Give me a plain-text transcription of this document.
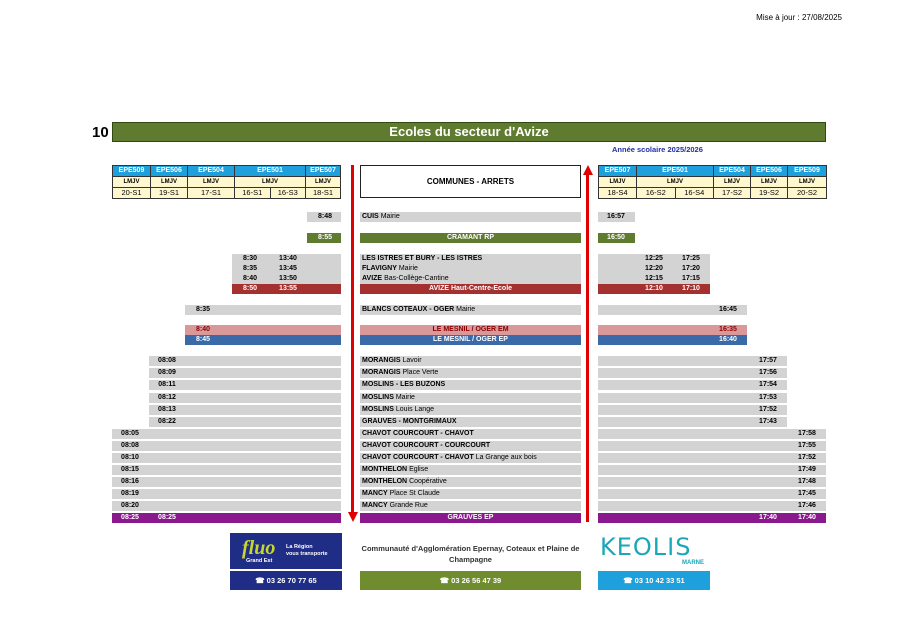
Mise à jour : 27/08/2025
10	Ecoles du secteur d'Avize
Année scolaire 2025/2026
EPE509	EPE506	EPE504	EPE501		EPE507
LMJV	LMJV	LMJV	LMJV		LMJV
20-S1	19-S1	17-S1	16-S1	16-S3	18-S1
COMMUNES - ARRETS
EPE507	EPE501		EPE504	EPE506	EPE509
LMJV	LMJV		LMJV	LMJV	LMJV
18-S4	16-S2	16-S4	17-S2	19-S2	20-S2
8:48	CUIS Mairie	16:57
8:55	CRAMANT RP	16:50
8:30	13:40	LES ISTRES ET BURY - LES ISTRES	12:25	17:25
8:35	13:45	FLAVIGNY Mairie	12:20	17:20
8:40	13:50	AVIZE Bas-Collège-Cantine	12:15	17:15
8:50	13:55	AVIZE Haut-Centre-Ecole	12:10	17:10
8:35	BLANCS COTEAUX - OGER Mairie	16:45
8:40	LE MESNIL / OGER EM	16:35
8:45	LE MESNIL / OGER EP	16:40
08:08	MORANGIS Lavoir	17:57
08:09	MORANGIS Place Verte	17:56
08:11	MOSLINS - LES BUZONS	17:54
08:12	MOSLINS Mairie	17:53
08:13	MOSLINS Louis Lange	17:52
08:22	GRAUVES - MONTGRIMAUX	17:43
08:05	CHAVOT COURCOURT - CHAVOT	17:58
08:08	CHAVOT COURCOURT - COURCOURT	17:55
08:10	CHAVOT COURCOURT - CHAVOT La Grange aux bois	17:52
08:15	MONTHELON Eglise	17:49
08:16	MONTHELON Coopérative	17:48
08:19	MANCY Place St Claude	17:45
08:20	MANCY Grande Rue	17:46
08:25	08:25	GRAUVES EP	17:40	17:40
fluo
Grand Est
La Région
vous transporte
☎ 03 26 70 77 65
Communauté d'Agglomération Epernay, Coteaux et Plaine de Champagne
☎ 03 26 56 47 39
KEOLIS
MARNE
☎ 03 10 42 33 51
